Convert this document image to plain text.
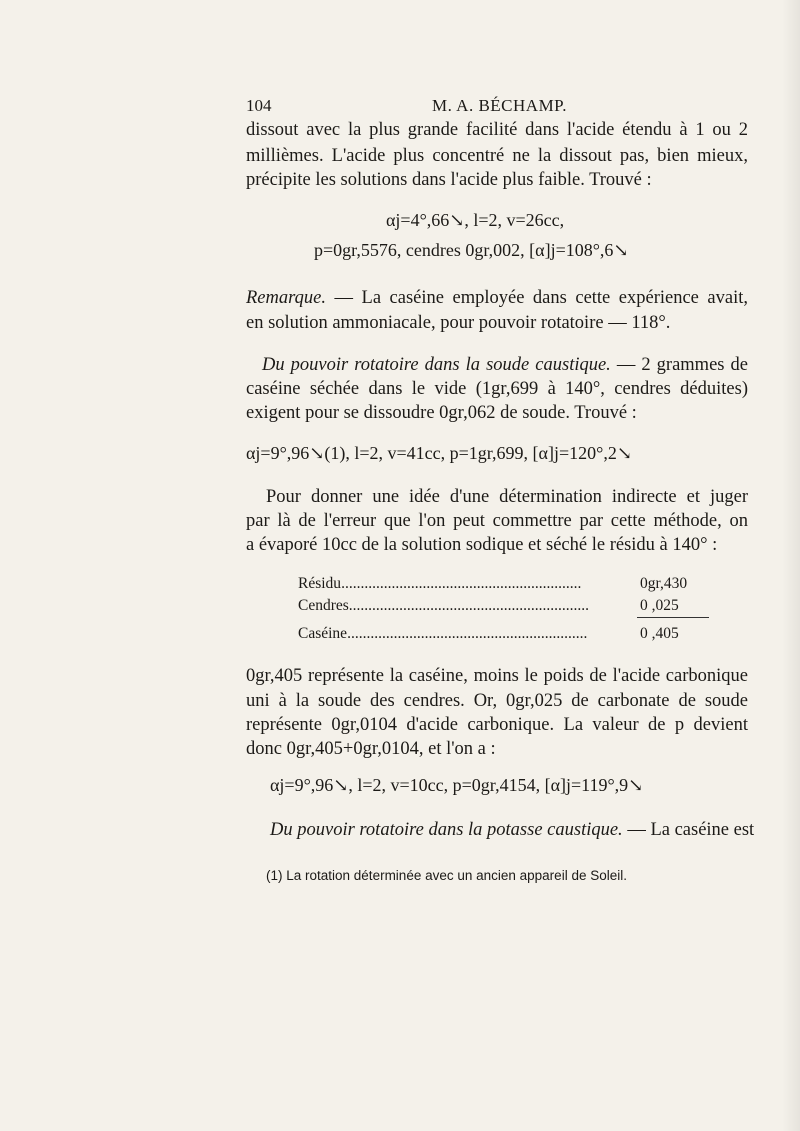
104	M. A. BÉCHAMP.
dissout avec la plus grande facilité dans l'acide étendu à 1 ou 2
millièmes. L'acide plus concentré ne la dissout pas, bien mieux,
précipite les solutions dans l'acide plus faible. Trouvé :
αj=4°,66↘, l=2, v=26cc,
p=0gr,5576, cendres 0gr,002, [α]j=108°,6↘
Remarque. — La caséine employée dans cette expérience avait,
en solution ammoniacale, pour pouvoir rotatoire — 118°.
Du pouvoir rotatoire dans la soude caustique. — 2 grammes de
caséine séchée dans le vide (1gr,699 à 140°, cendres déduites)
exigent pour se dissoudre 0gr,062 de soude. Trouvé :
αj=9°,96↘(1), l=2, v=41cc, p=1gr,699, [α]j=120°,2↘
Pour donner une idée d'une détermination indirecte et juger
par là de l'erreur que l'on peut commettre par cette méthode, on
a évaporé 10cc de la solution sodique et séché le résidu à 140° :
Résidu..............................................................	0gr,430
Cendres..............................................................	0 ,025
Caséine..............................................................	0 ,405
0gr,405 représente la caséine, moins le poids de l'acide carbonique
uni à la soude des cendres. Or, 0gr,025 de carbonate de soude
représente 0gr,0104 d'acide carbonique. La valeur de p devient
donc 0gr,405+0gr,0104, et l'on a :
αj=9°,96↘, l=2, v=10cc, p=0gr,4154, [α]j=119°,9↘
Du pouvoir rotatoire dans la potasse caustique. — La caséine est
(1) La rotation déterminée avec un ancien appareil de Soleil.
